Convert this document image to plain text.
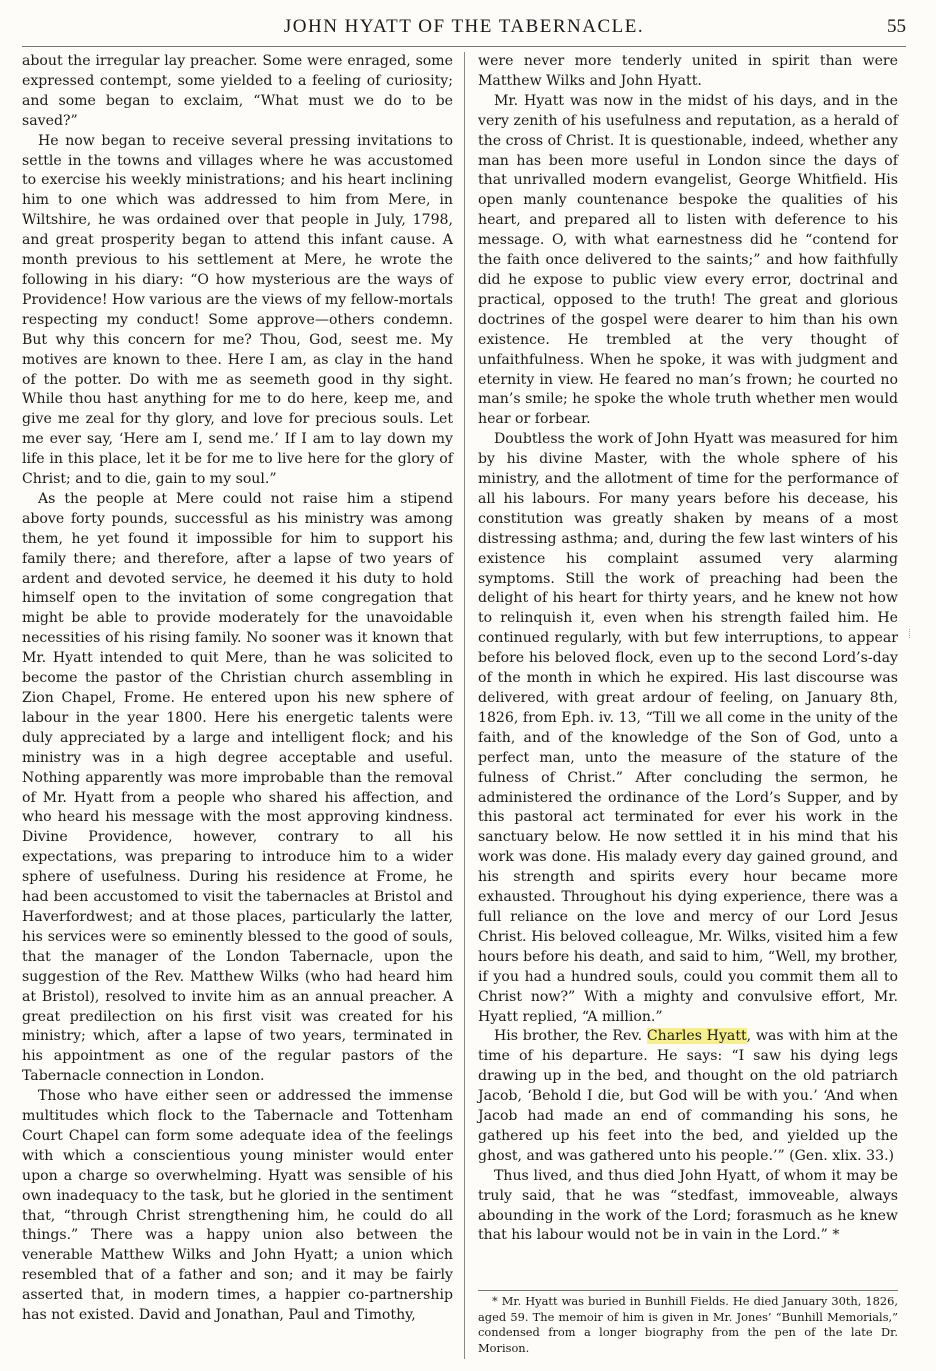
JOHN HYATT OF THE TABERNACLE.	55

about the irregular lay preacher. Some were enraged, some expressed contempt, some yielded to a feeling of curiosity; and some began to exclaim, “What must we do to be saved?”

He now began to receive several pressing invitations to settle in the towns and villages where he was accustomed to exercise his weekly ministrations; and his heart inclining him to one which was addressed to him from Mere, in Wiltshire, he was ordained over that people in July, 1798, and great prosperity began to attend this infant cause. A month previous to his settlement at Mere, he wrote the following in his diary: “O how mysterious are the ways of Providence! How various are the views of my fellow-mortals respecting my conduct! Some approve—others condemn. But why this concern for me? Thou, God, seest me. My motives are known to thee. Here I am, as clay in the hand of the potter. Do with me as seemeth good in thy sight. While thou hast anything for me to do here, keep me, and give me zeal for thy glory, and love for precious souls. Let me ever say, ‘Here am I, send me.’ If I am to lay down my life in this place, let it be for me to live here for the glory of Christ; and to die, gain to my soul.”

As the people at Mere could not raise him a stipend above forty pounds, successful as his ministry was among them, he yet found it impossible for him to support his family there; and therefore, after a lapse of two years of ardent and devoted service, he deemed it his duty to hold himself open to the invitation of some congregation that might be able to provide moderately for the unavoidable necessities of his rising family. No sooner was it known that Mr. Hyatt intended to quit Mere, than he was solicited to become the pastor of the Christian church assembling in Zion Chapel, Frome. He entered upon his new sphere of labour in the year 1800. Here his energetic talents were duly appreciated by a large and intelligent flock; and his ministry was in a high degree acceptable and useful. Nothing apparently was more improbable than the removal of Mr. Hyatt from a people who shared his affection, and who heard his message with the most approving kindness. Divine Providence, however, contrary to all his expectations, was preparing to introduce him to a wider sphere of usefulness. During his residence at Frome, he had been accustomed to visit the tabernacles at Bristol and Haverfordwest; and at those places, particularly the latter, his services were so eminently blessed to the good of souls, that the manager of the London Tabernacle, upon the suggestion of the Rev. Matthew Wilks (who had heard him at Bristol), resolved to invite him as an annual preacher. A great predilection on his first visit was created for his ministry; which, after a lapse of two years, terminated in his appointment as one of the regular pastors of the Tabernacle connection in London.

Those who have either seen or addressed the immense multitudes which flock to the Tabernacle and Tottenham Court Chapel can form some adequate idea of the feelings with which a conscientious young minister would enter upon a charge so overwhelming. Hyatt was sensible of his own inadequacy to the task, but he gloried in the sentiment that, “through Christ strengthening him, he could do all things.” There was a happy union also between the venerable Matthew Wilks and John Hyatt; a union which resembled that of a father and son; and it may be fairly asserted that, in modern times, a happier co-partnership has not existed. David and Jonathan, Paul and Timothy,

were never more tenderly united in spirit than were Matthew Wilks and John Hyatt.

Mr. Hyatt was now in the midst of his days, and in the very zenith of his usefulness and reputation, as a herald of the cross of Christ. It is questionable, indeed, whether any man has been more useful in London since the days of that unrivalled modern evangelist, George Whitfield. His open manly countenance bespoke the qualities of his heart, and prepared all to listen with deference to his message. O, with what earnestness did he “contend for the faith once delivered to the saints;” and how faithfully did he expose to public view every error, doctrinal and practical, opposed to the truth! The great and glorious doctrines of the gospel were dearer to him than his own existence. He trembled at the very thought of unfaithfulness. When he spoke, it was with judgment and eternity in view. He feared no man’s frown; he courted no man’s smile; he spoke the whole truth whether men would hear or forbear.

Doubtless the work of John Hyatt was measured for him by his divine Master, with the whole sphere of his ministry, and the allotment of time for the performance of all his labours. For many years before his decease, his constitution was greatly shaken by means of a most distressing asthma; and, during the few last winters of his existence his complaint assumed very alarming symptoms. Still the work of preaching had been the delight of his heart for thirty years, and he knew not how to relinquish it, even when his strength failed him. He continued regularly, with but few interruptions, to appear before his beloved flock, even up to the second Lord’s-day of the month in which he expired. His last discourse was delivered, with great ardour of feeling, on January 8th, 1826, from Eph. iv. 13, “Till we all come in the unity of the faith, and of the knowledge of the Son of God, unto a perfect man, unto the measure of the stature of the fulness of Christ.” After concluding the sermon, he administered the ordinance of the Lord’s Supper, and by this pastoral act terminated for ever his work in the sanctuary below. He now settled it in his mind that his work was done. His malady every day gained ground, and his strength and spirits every hour became more exhausted. Throughout his dying experience, there was a full reliance on the love and mercy of our Lord Jesus Christ. His beloved colleague, Mr. Wilks, visited him a few hours before his death, and said to him, “Well, my brother, if you had a hundred souls, could you commit them all to Christ now?” With a mighty and convulsive effort, Mr. Hyatt replied, “A million.”

His brother, the Rev. Charles Hyatt, was with him at the time of his departure. He says: “I saw his dying legs drawing up in the bed, and thought on the old patriarch Jacob, ‘Behold I die, but God will be with you.’ ‘And when Jacob had made an end of commanding his sons, he gathered up his feet into the bed, and yielded up the ghost, and was gathered unto his people.’” (Gen. xlix. 33.)

Thus lived, and thus died John Hyatt, of whom it may be truly said, that he was “stedfast, immoveable, always abounding in the work of the Lord; forasmuch as he knew that his labour would not be in vain in the Lord.” *

* Mr. Hyatt was buried in Bunhill Fields. He died January 30th, 1826, aged 59. The memoir of him is given in Mr. Jones’ “Bunhill Memorials,” condensed from a longer biography from the pen of the late Dr. Morison.
